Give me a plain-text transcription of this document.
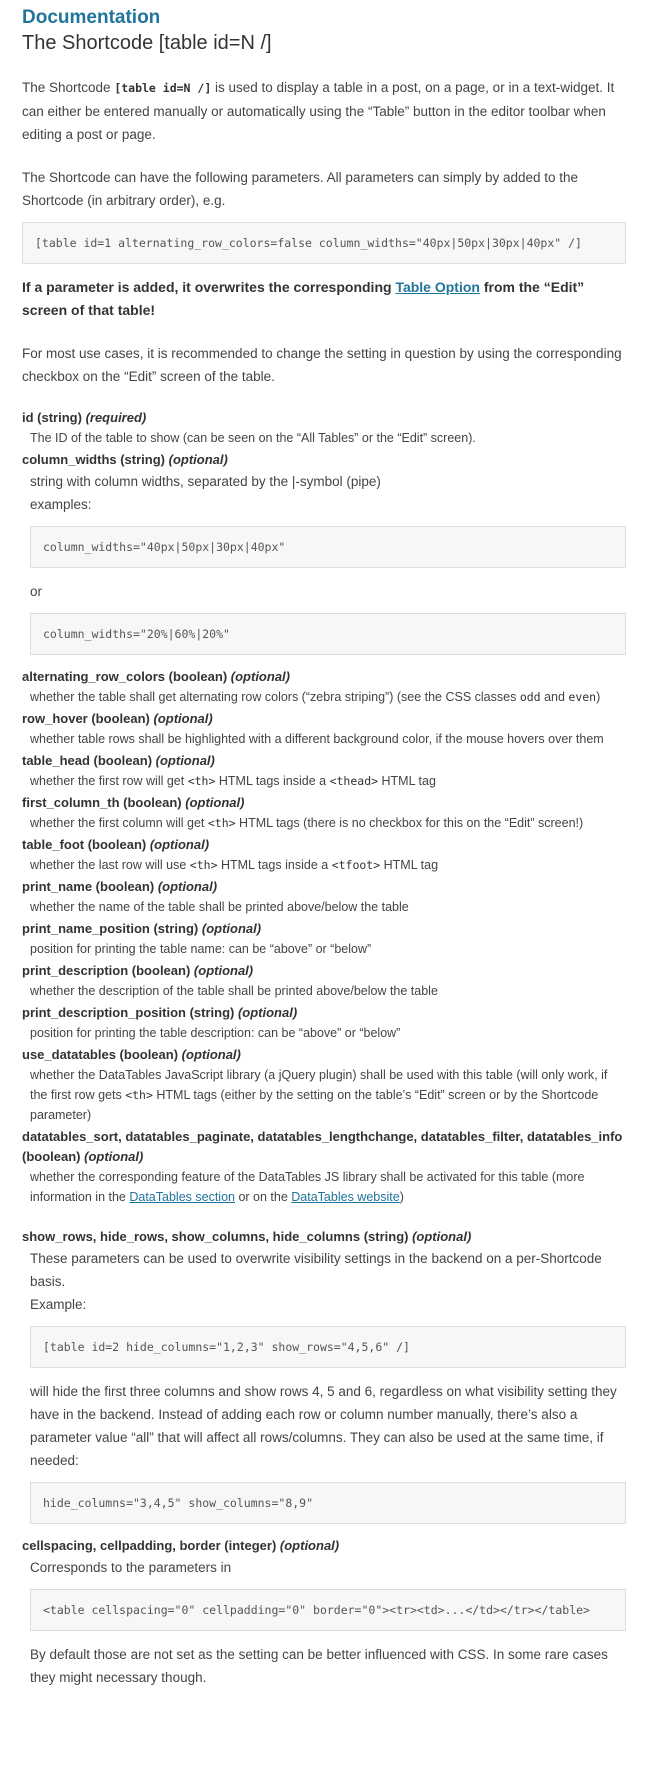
Documentation
The Shortcode [table id=N /]

The Shortcode [table id=N /] is used to display a table in a post, on a page, or in a text-widget. It can either be entered manually or automatically using the “Table” button in the editor toolbar when editing a post or page.

The Shortcode can have the following parameters. All parameters can simply by added to the Shortcode (in arbitrary order), e.g.

[table id=1 alternating_row_colors=false column_widths="40px|50px|30px|40px" /]

If a parameter is added, it overwrites the corresponding Table Option from the “Edit” screen of that table!

For most use cases, it is recommended to change the setting in question by using the corresponding checkbox on the “Edit” screen of the table.

id (string) (required)
The ID of the table to show (can be seen on the “All Tables” or the “Edit” screen).
column_widths (string) (optional)

string with column widths, separated by the |-symbol (pipe)

examples:

column_widths="40px|50px|30px|40px"

or

column_widths="20%|60%|20%"
alternating_row_colors (boolean) (optional)
whether the table shall get alternating row colors (“zebra striping”) (see the CSS classes odd and even)
row_hover (boolean) (optional)
whether table rows shall be highlighted with a different background color, if the mouse hovers over them
table_head (boolean) (optional)
whether the first row will get <th> HTML tags inside a <thead> HTML tag
first_column_th (boolean) (optional)
whether the first column will get <th> HTML tags (there is no checkbox for this on the “Edit” screen!)
table_foot (boolean) (optional)
whether the last row will use <th> HTML tags inside a <tfoot> HTML tag
print_name (boolean) (optional)
whether the name of the table shall be printed above/below the table
print_name_position (string) (optional)
position for printing the table name: can be “above” or “below”
print_description (boolean) (optional)
whether the description of the table shall be printed above/below the table
print_description_position (string) (optional)
position for printing the table description: can be “above” or “below”
use_datatables (boolean) (optional)
whether the DataTables JavaScript library (a jQuery plugin) shall be used with this table (will only work, if the first row gets <th> HTML tags (either by the setting on the table’s “Edit” screen or by the Shortcode parameter)
datatables_sort, datatables_paginate, datatables_lengthchange, datatables_filter, datatables_info (boolean) (optional)
whether the corresponding feature of the DataTables JS library shall be activated for this table (more information in the DataTables section or on the DataTables website)
show_rows, hide_rows, show_columns, hide_columns (string) (optional)

These parameters can be used to overwrite visibility settings in the backend on a per-Shortcode basis.

Example:

[table id=2 hide_columns="1,2,3" show_rows="4,5,6" /]

will hide the first three columns and show rows 4, 5 and 6, regardless on what visibility setting they have in the backend. Instead of adding each row or column number manually, there’s also a parameter value “all” that will affect all rows/columns. They can also be used at the same time, if needed:

hide_columns="3,4,5" show_columns="8,9"
cellspacing, cellpadding, border (integer) (optional)

Corresponds to the parameters in

<table cellspacing="0" cellpadding="0" border="0"><tr><td>...</td></tr></table>

By default those are not set as the setting can be better influenced with CSS. In some rare cases they might necessary though.
